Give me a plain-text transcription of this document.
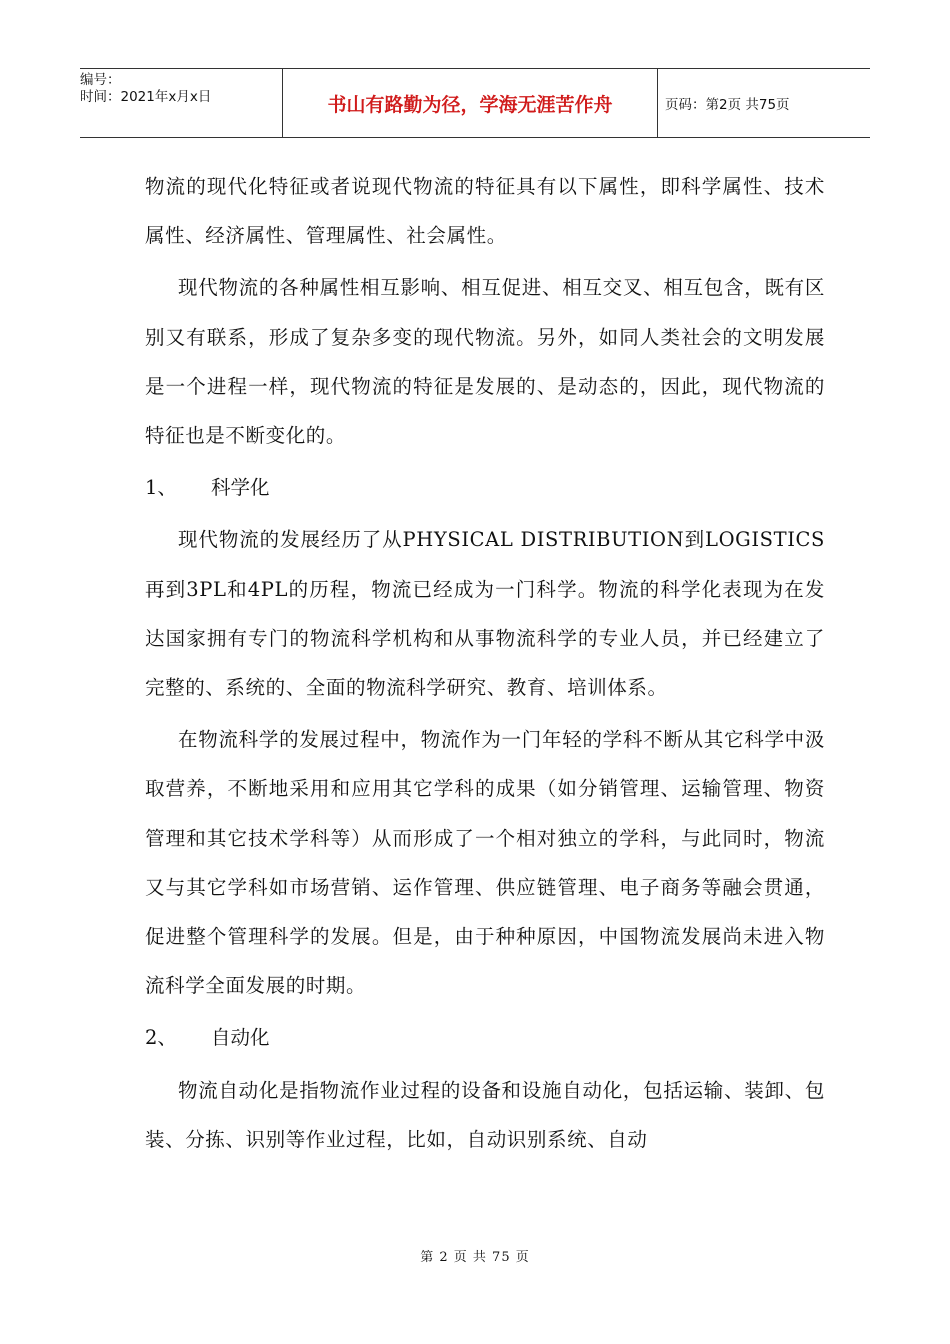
编号：
时间：2021年x月x日	书山有路勤为径，学海无涯苦作舟	页码：第2页 共75页

物流的现代化特征或者说现代物流的特征具有以下属性，即科学属性、技术属性、经济属性、管理属性、社会属性。

现代物流的各种属性相互影响、相互促进、相互交叉、相互包含，既有区别又有联系，形成了复杂多变的现代物流。另外，如同人类社会的文明发展是一个进程一样，现代物流的特征是发展的、是动态的，因此，现代物流的特征也是不断变化的。

1、 科学化

现代物流的发展经历了从PHYSICAL DISTRIBUTION到LOGISTICS再到3PL和4PL的历程，物流已经成为一门科学。物流的科学化表现为在发达国家拥有专门的物流科学机构和从事物流科学的专业人员，并已经建立了完整的、系统的、全面的物流科学研究、教育、培训体系。

在物流科学的发展过程中，物流作为一门年轻的学科不断从其它科学中汲取营养，不断地采用和应用其它学科的成果（如分销管理、运输管理、物资管理和其它技术学科等）从而形成了一个相对独立的学科，与此同时，物流又与其它学科如市场营销、运作管理、供应链管理、电子商务等融会贯通，促进整个管理科学的发展。但是，由于种种原因，中国物流发展尚未进入物流科学全面发展的时期。

2、 自动化

物流自动化是指物流作业过程的设备和设施自动化，包括运输、装卸、包装、分拣、识别等作业过程，比如，自动识别系统、自动

第 2 页 共 75 页
